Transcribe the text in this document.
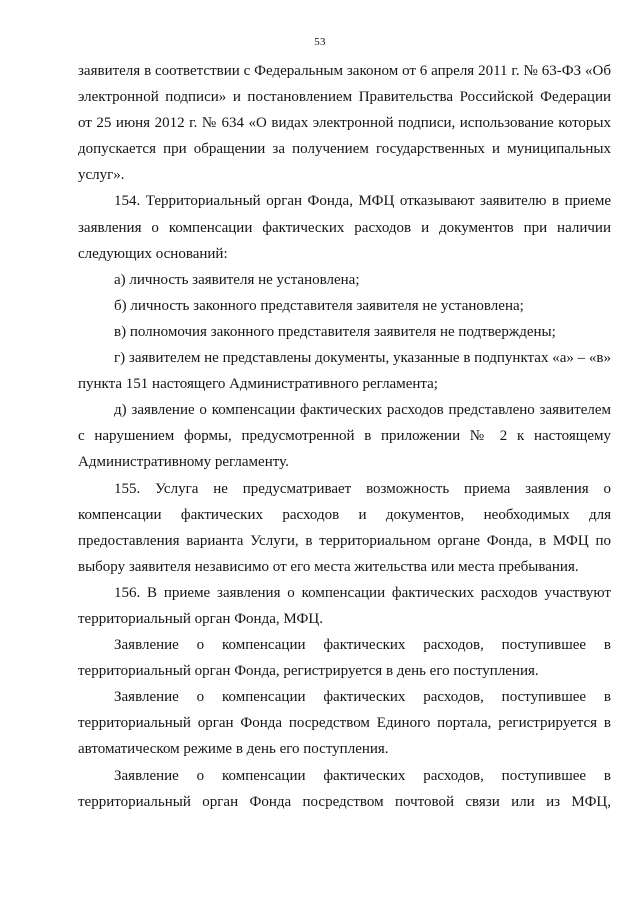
53

заявителя в соответствии с Федеральным законом от 6 апреля 2011 г. № 63-ФЗ «Об электронной подписи» и постановлением Правительства Российской Федерации от 25 июня 2012 г. № 634 «О видах электронной подписи, использование которых допускается при обращении за получением государственных и муниципальных услуг».

154. Территориальный орган Фонда, МФЦ отказывают заявителю в приеме заявления о компенсации фактических расходов и документов при наличии следующих оснований:

а) личность заявителя не установлена;

б) личность законного представителя заявителя не установлена;

в) полномочия законного представителя заявителя не подтверждены;

г) заявителем не представлены документы, указанные в подпунктах «а» – «в» пункта 151 настоящего Административного регламента;

д) заявление о компенсации фактических расходов представлено заявителем с нарушением формы, предусмотренной в приложении № 2 к настоящему Административному регламенту.

155. Услуга не предусматривает возможность приема заявления о компенсации фактических расходов и документов, необходимых для предоставления варианта Услуги, в территориальном органе Фонда, в МФЦ по выбору заявителя независимо от его места жительства или места пребывания.

156. В приеме заявления о компенсации фактических расходов участвуют территориальный орган Фонда, МФЦ.

Заявление о компенсации фактических расходов, поступившее в территориальный орган Фонда, регистрируется в день его поступления.

Заявление о компенсации фактических расходов, поступившее в территориальный орган Фонда посредством Единого портала, регистрируется в автоматическом режиме в день его поступления.

Заявление о компенсации фактических расходов, поступившее в территориальный орган Фонда посредством почтовой связи или из МФЦ,
